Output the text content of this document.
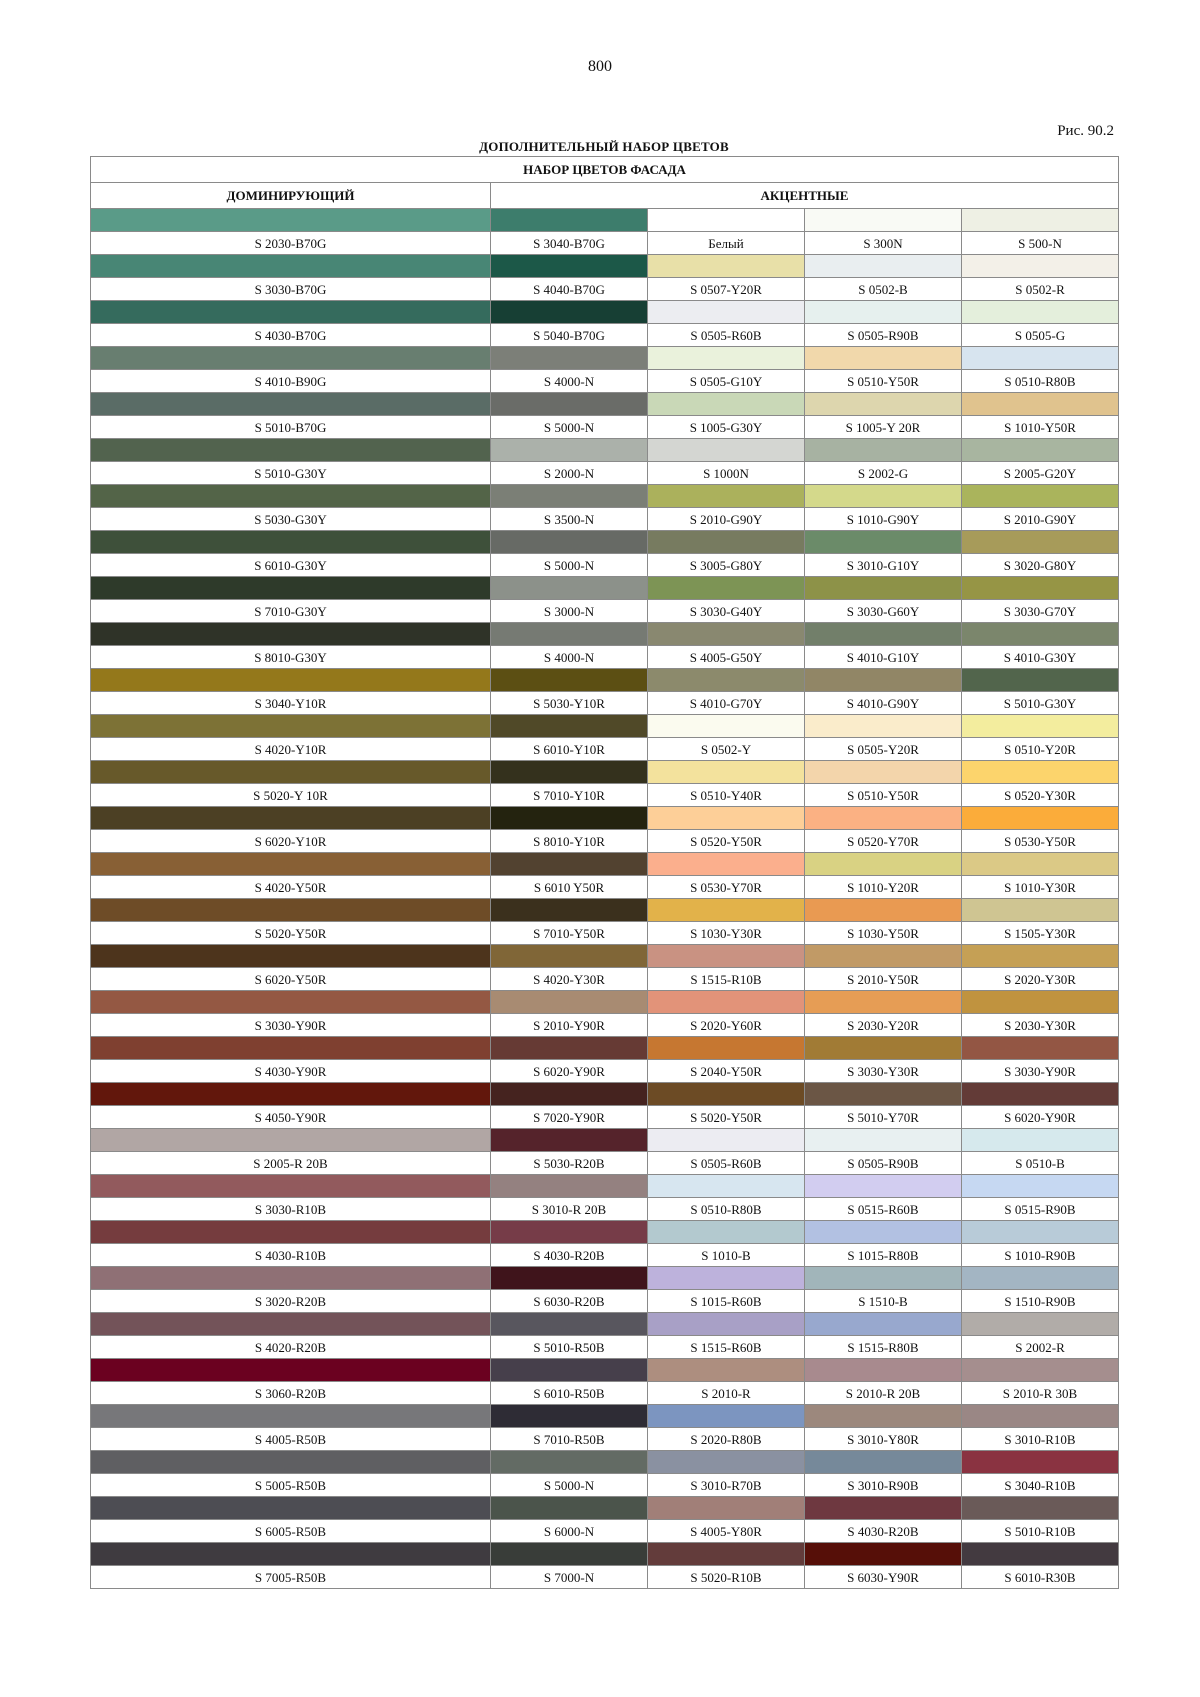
800
Рис. 90.2
ДОПОЛНИТЕЛЬНЫЙ НАБОР ЦВЕТОВ
НАБОР ЦВЕТОВ ФАСАДА				
ДОМИНИРУЮЩИЙ	АКЦЕНТНЫЕ			

S 2030-B70G	S 3040-B70G	Белый	S 300N	S 500-N

S 3030-B70G	S 4040-B70G	S 0507-Y20R	S 0502-B	S 0502-R

S 4030-B70G	S 5040-B70G	S 0505-R60B	S 0505-R90B	S 0505-G

S 4010-B90G	S 4000-N	S 0505-G10Y	S 0510-Y50R	S 0510-R80B

S 5010-B70G	S 5000-N	S 1005-G30Y	S 1005-Y 20R	S 1010-Y50R

S 5010-G30Y	S 2000-N	S 1000N	S 2002-G	S 2005-G20Y

S 5030-G30Y	S 3500-N	S 2010-G90Y	S 1010-G90Y	S 2010-G90Y

S 6010-G30Y	S 5000-N	S 3005-G80Y	S 3010-G10Y	S 3020-G80Y

S 7010-G30Y	S 3000-N	S 3030-G40Y	S 3030-G60Y	S 3030-G70Y

S 8010-G30Y	S 4000-N	S 4005-G50Y	S 4010-G10Y	S 4010-G30Y

S 3040-Y10R	S 5030-Y10R	S 4010-G70Y	S 4010-G90Y	S 5010-G30Y

S 4020-Y10R	S 6010-Y10R	S 0502-Y	S 0505-Y20R	S 0510-Y20R

S 5020-Y 10R	S 7010-Y10R	S 0510-Y40R	S 0510-Y50R	S 0520-Y30R

S 6020-Y10R	S 8010-Y10R	S 0520-Y50R	S 0520-Y70R	S 0530-Y50R

S 4020-Y50R	S 6010 Y50R	S 0530-Y70R	S 1010-Y20R	S 1010-Y30R

S 5020-Y50R	S 7010-Y50R	S 1030-Y30R	S 1030-Y50R	S 1505-Y30R

S 6020-Y50R	S 4020-Y30R	S 1515-R10B	S 2010-Y50R	S 2020-Y30R

S 3030-Y90R	S 2010-Y90R	S 2020-Y60R	S 2030-Y20R	S 2030-Y30R

S 4030-Y90R	S 6020-Y90R	S 2040-Y50R	S 3030-Y30R	S 3030-Y90R

S 4050-Y90R	S 7020-Y90R	S 5020-Y50R	S 5010-Y70R	S 6020-Y90R

S 2005-R 20B	S 5030-R20B	S 0505-R60B	S 0505-R90B	S 0510-B

S 3030-R10B	S 3010-R 20B	S 0510-R80B	S 0515-R60B	S 0515-R90B

S 4030-R10B	S 4030-R20B	S 1010-B	S 1015-R80B	S 1010-R90B

S 3020-R20B	S 6030-R20B	S 1015-R60B	S 1510-B	S 1510-R90B

S 4020-R20B	S 5010-R50B	S 1515-R60B	S 1515-R80B	S 2002-R

S 3060-R20B	S 6010-R50B	S 2010-R	S 2010-R 20B	S 2010-R 30B

S 4005-R50B	S 7010-R50B	S 2020-R80B	S 3010-Y80R	S 3010-R10B

S 5005-R50B	S 5000-N	S 3010-R70B	S 3010-R90B	S 3040-R10B

S 6005-R50B	S 6000-N	S 4005-Y80R	S 4030-R20B	S 5010-R10B

S 7005-R50B	S 7000-N	S 5020-R10B	S 6030-Y90R	S 6010-R30B
